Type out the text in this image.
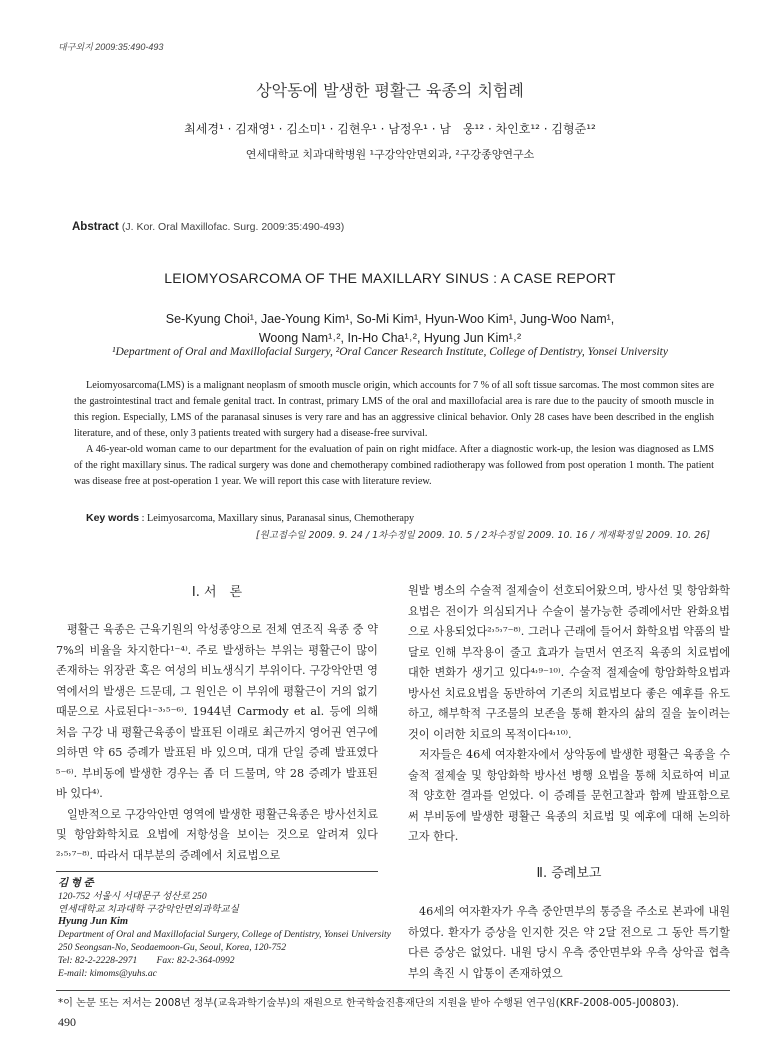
대구외지 2009:35:490-493
상악동에 발생한 평활근 육종의 치험례
최세경¹ · 김재영¹ · 김소미¹ · 김현우¹ · 남정우¹ · 남　웅¹² · 차인호¹² · 김형준¹²
연세대학교 치과대학병원 ¹구강악안면외과, ²구강종양연구소
Abstract (J. Kor. Oral Maxillofac. Surg. 2009:35:490-493)
LEIOMYOSARCOMA OF THE MAXILLARY SINUS : A CASE REPORT
Se-Kyung Choi¹, Jae-Young Kim¹, So-Mi Kim¹, Hyun-Woo Kim¹, Jung-Woo Nam¹,
Woong Nam¹˒², In-Ho Cha¹˒², Hyung Jun Kim¹˒²
¹Department of Oral and Maxillofacial Surgery, ²Oral Cancer Research Institute, College of Dentistry, Yonsei University

Leiomyosarcoma(LMS) is a malignant neoplasm of smooth muscle origin, which accounts for 7 % of all soft tissue sarcomas. The most common sites are the gastrointestinal tract and female genital tract. In contrast, primary LMS of the oral and maxillofacial area is rare due to the paucity of smooth muscle in this region. Especially, LMS of the paranasal sinuses is very rare and has an aggressive clinical behavior. Only 28 cases have been described in the english literature, and of these, only 3 patients treated with surgery had a disease-free survival.

A 46-year-old woman came to our department for the evaluation of pain on right midface. After a diagnostic work-up, the lesion was diagnosed as LMS of the right maxillary sinus. The radical surgery was done and chemotherapy combined radiotherapy was followed from post operation 1 month. The patient was disease free at post-operation 1 year. We will report this case with literature review.

Key words : Leimyosarcoma, Maxillary sinus, Paranasal sinus, Chemotherapy
[원고접수일 2009. 9. 24 / 1차수정일 2009. 10. 5 / 2차수정일 2009. 10. 16 / 게재확정일 2009. 10. 26]
Ⅰ. 서　론

평활근 육종은 근육기원의 악성종양으로 전체 연조직 육종 중 약 7%의 비율을 차지한다¹⁻⁴⁾. 주로 발생하는 부위는 평활근이 많이 존재하는 위장관 혹은 여성의 비뇨생식기 부위이다. 구강악안면 영역에서의 발생은 드문데, 그 원인은 이 부위에 평활근이 거의 없기 때문으로 사료된다¹⁻³˒⁵⁻⁶⁾. 1944년 Carmody et al. 등에 의해 처음 구강 내 평활근육종이 발표된 이래로 최근까지 영어권 연구에 의하면 약 65 증례가 발표된 바 있으며, 대개 단일 증례 발표였다⁵⁻⁶⁾. 부비동에 발생한 경우는 좀 더 드물며, 약 28 증례가 발표된 바 있다⁴⁾.

일반적으로 구강악안면 영역에 발생한 평활근육종은 방사선치료 및 항암화학치료 요법에 저항성을 보이는 것으로 알려져 있다²˒⁵˒⁷⁻⁸⁾. 따라서 대부분의 증례에서 치료법으로

원발 병소의 수술적 절제술이 선호되어왔으며, 방사선 및 항암화학요법은 전이가 의심되거나 수술이 불가능한 증례에서만 완화요법으로 사용되었다²˒⁵˒⁷⁻⁸⁾. 그러나 근래에 들어서 화학요법 약품의 발달로 인해 부작용이 줄고 효과가 늘면서 연조직 육종의 치료법에 대한 변화가 생기고 있다⁴˒⁹⁻¹⁰⁾. 수술적 절제술에 항암화학요법과 방사선 치료요법을 동반하여 기존의 치료법보다 좋은 예후를 유도하고, 해부학적 구조물의 보존을 통해 환자의 삶의 질을 높이려는 것이 이러한 치료의 목적이다⁴˒¹⁰⁾.

저자들은 46세 여자환자에서 상악동에 발생한 평활근 육종을 수술적 절제술 및 항암화학 방사선 병행 요법을 통해 치료하여 비교적 양호한 결과를 얻었다. 이 증례를 문헌고찰과 함께 발표함으로써 부비동에 발생한 평활근 육종의 치료법 및 예후에 대해 논의하고자 한다.

Ⅱ. 증례보고

46세의 여자환자가 우측 중안면부의 통증을 주소로 본과에 내원하였다. 환자가 증상을 인지한 것은 약 2달 전으로 그 동안 특기할 다른 증상은 없었다. 내원 당시 우측 중안면부와 우측 상악골 협측부의 촉진 시 압통이 존재하였으

김 형 준
120-752 서울시 서대문구 성산로 250
연세대학교 치과대학 구강악안면외과학교실
Hyung Jun Kim
Department of Oral and Maxillofacial Surgery, College of Dentistry, Yonsei University
250 Seongsan-No, Seodaemoon-Gu, Seoul, Korea, 120-752
Tel: 82-2-2228-2971　　Fax: 82-2-364-0992
E-mail: kimoms@yuhs.ac
*이 논문 또는 저서는 2008년 정부(교육과학기술부)의 재원으로 한국학술진흥재단의 지원을 받아 수행된 연구임(KRF-2008-005-J00803).
490
